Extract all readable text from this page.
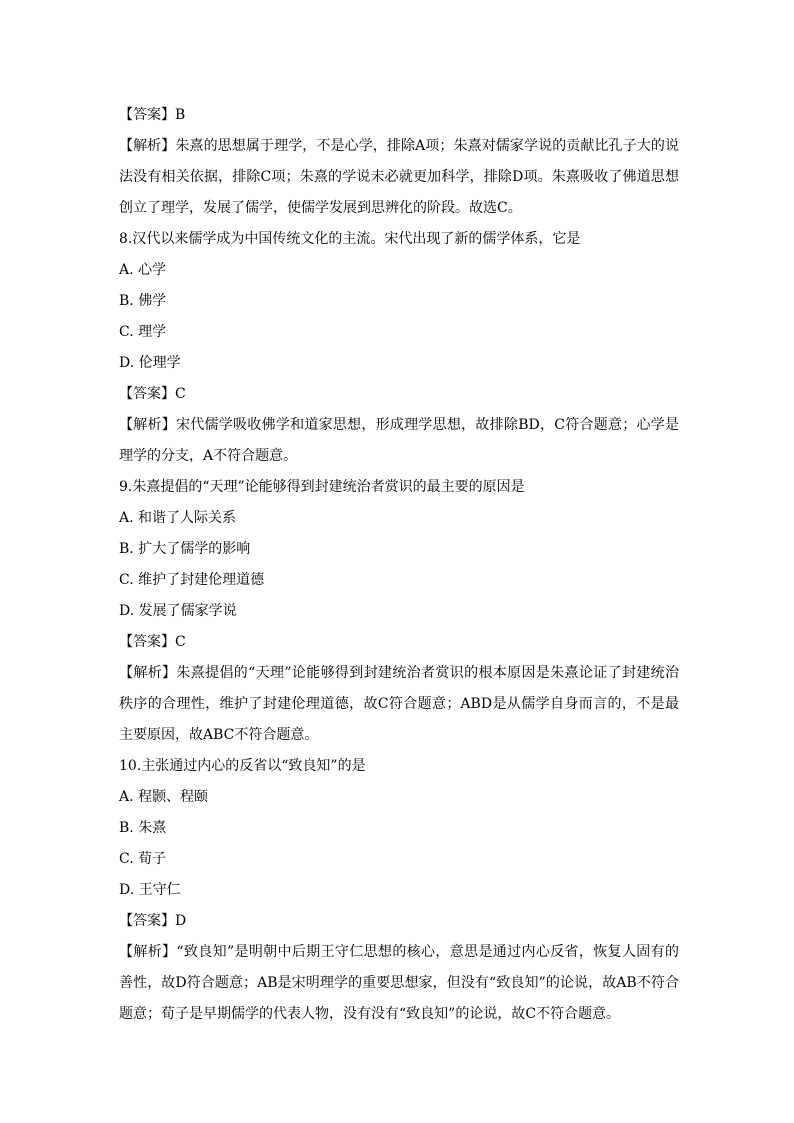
【答案】B
【解析】朱熹的思想属于理学，不是心学，排除A项；朱熹对儒家学说的贡献比孔子大的说法没有相关依据，排除C项；朱熹的学说未必就更加科学，排除D项。朱熹吸收了佛道思想创立了理学，发展了儒学，使儒学发展到思辨化的阶段。故选C。
8.汉代以来儒学成为中国传统文化的主流。宋代出现了新的儒学体系，它是
A. 心学
B. 佛学
C. 理学
D. 伦理学
【答案】C
【解析】宋代儒学吸收佛学和道家思想，形成理学思想，故排除BD，C符合题意；心学是理学的分支，A不符合题意。
9.朱熹提倡的“天理”论能够得到封建统治者赏识的最主要的原因是
A. 和谐了人际关系
B. 扩大了儒学的影响
C. 维护了封建伦理道德
D. 发展了儒家学说
【答案】C
【解析】朱熹提倡的“天理”论能够得到封建统治者赏识的根本原因是朱熹论证了封建统治秩序的合理性，维护了封建伦理道德，故C符合题意；ABD是从儒学自身而言的，不是最主要原因，故ABC不符合题意。
10.主张通过内心的反省以“致良知”的是
A. 程颢、程颐
B. 朱熹
C. 荀子
D. 王守仁
【答案】D
【解析】“致良知”是明朝中后期王守仁思想的核心，意思是通过内心反省，恢复人固有的善性，故D符合题意；AB是宋明理学的重要思想家，但没有“致良知”的论说，故AB不符合题意；荀子是早期儒学的代表人物，没有没有“致良知”的论说，故C不符合题意。
